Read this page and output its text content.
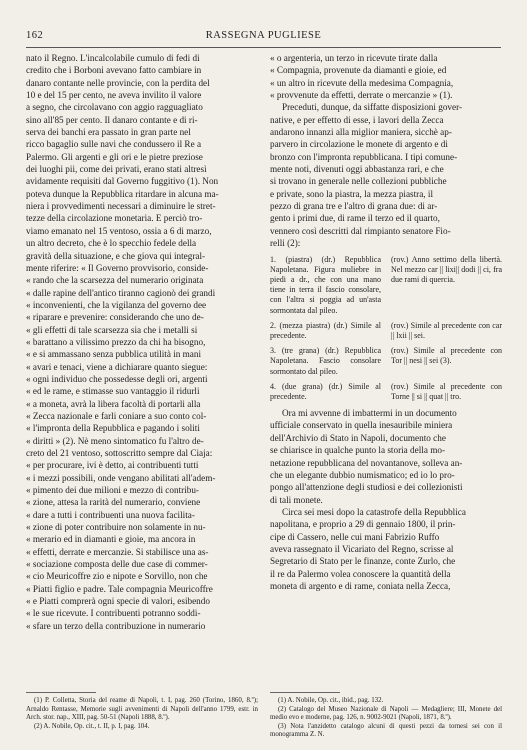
162	RASSEGNA PUGLIESE

nato il Regno. L'incalcolabile cumulo di fedi di

credito che i Borboni avevano fatto cambiare in

danaro contante nelle provincie, con la perdita del

10 e del 15 per cento, ne aveva invilito il valore

a segno, che circolavano con aggio ragguagliato

sino all'85 per cento. Il danaro contante e di ri-

serva dei banchi era passato in gran parte nel

ricco bagaglio sulle navi che condussero il Re a

Palermo. Gli argenti e gli ori e le pietre preziose

dei luoghi pii, come dei privati, erano stati altresì

avidamente requisiti dal Governo fuggitivo (1). Non

poteva dunque la Repubblica ritardare in alcuna ma-

niera i provvedimenti necessari a diminuire le stret-

tezze della circolazione monetaria. E perciò tro-

viamo emanato nel 15 ventoso, ossia a 6 di marzo,

un altro decreto, che è lo specchio fedele della

gravità della situazione, e che giova qui integral-

mente riferire: « Il Governo provvisorio, conside-

« rando che la scarsezza del numerario originata

« dalle rapine dell'antico tiranno cagionò dei grandi

« inconvenienti, che la vigilanza del governo dee

« riparare e prevenire: considerando che uno de-

« gli effetti di tale scarsezza sia che i metalli si

« barattano a vilissimo prezzo da chi ha bisogno,

« e si ammassano senza pubblica utilità in mani

« avari e tenaci, viene a dichiarare quanto siegue:

« ogni individuo che possedesse degli ori, argenti

« ed le rame, e stimasse suo vantaggio il ridurli

« a moneta, avrà la libera facoltà di portarli alla

« Zecca nazionale e farli coniare a suo conto col-

« l'impronta della Repubblica e pagando i soliti

« diritti » (2). Nè meno sintomatico fu l'altro de-

creto del 21 ventoso, sottoscritto sempre dal Ciaja:

« per procurare, ivi è detto, ai contribuenti tutti

« i mezzi possibili, onde vengano abilitati all'adem-

« pimento dei due milioni e mezzo di contribu-

« zione, attesa la rarità del numerario, conviene

« dare a tutti i contribuenti una nuova facilita-

« zione di poter contribuire non solamente in nu-

« merario ed in diamanti e gioie, ma ancora in

« effetti, derrate e mercanzie. Si stabilisce una as-

« sociazione composta delle due case di commer-

« cio Meuricoffre zio e nipote e Sorvillo, non che

« Piatti figlio e padre. Tale compagnia Meuricoffre

« e Piatti comprerà ogni specie di valori, esibendo

« le sue ricevute. I contribuenti potranno soddi-

« sfare un terzo della contribuzione in numerario

« o argenteria, un terzo in ricevute tirate dalla

« Compagnia, provenute da diamanti e gioie, ed

« un altro in ricevute della medesima Compagnia,

« provvenute da effetti, derrate o mercanzie » (1).

Preceduti, dunque, da siffatte disposizioni gover-

native, e per effetto di esse, i lavori della Zecca

andarono innanzi alla miglior maniera, sicchè ap-

parvero in circolazione le monete di argento e di

bronzo con l'impronta repubblicana. I tipi comune-

mente noti, divenuti oggi abbastanza rari, e che

si trovano in generale nelle collezioni pubbliche

e private, sono la piastra, la mezza piastra, il

pezzo di grana tre e l'altro di grana due: di ar-

gento i primi due, di rame il terzo ed il quarto,

vennero così descritti dal rimpianto senatore Fio-

relli (2):

1. (piastra) (dr.) Repubblica Napoletana. Figura muliebre in piedi a dr., che con una mano tiene in terra il fascio consolare, con l'altra si poggia ad un'asta sormontata dal pileo.
(rov.) Anno settimo della libertà. Nel mezzo car || lixi|| dodi || ci, fra due rami di quercia.
2. (mezza piastra) (dr.) Simile al precedente.
(rov.) Simile al precedente con car || lxii || sei.
3. (tre grana) (dr.) Repubblica Napoletana. Fascio consolare sormontato dal pileo.
(rov.) Simile al precedente con Tor || nesi || sei (3).
4. (due grana) (dr.) Simile al precedente.
(rov.) Simile al precedente con Torne || si || quat || tro.

Ora mi avvenne di imbattermi in un documento

ufficiale conservato in quella inesauribile miniera

dell'Archivio di Stato in Napoli, documento che

se chiarisce in qualche punto la storia della mo-

netazione repubblicana del novantanove, solleva an-

che un elegante dubbio numismatico; ed io lo pro-

pongo all'attenzione degli studiosi e dei collezionisti

di tali monete.

Circa sei mesi dopo la catastrofe della Repubblica

napolitana, e proprio a 29 di gennaio 1800, il prin-

cipe di Cassero, nelle cui mani Fabrizio Ruffo

aveva rassegnato il Vicariato del Regno, scrisse al

Segretario di Stato per le finanze, conte Zurlo, che

il re da Palermo volea conoscere la quantità della

moneta di argento e di rame, coniata nella Zecca,

(1) P. Colletta, Storia del reame di Napoli, t. I, pag. 260 (Torino, 1860, 8.º); Arnaldo Rentasse, Memorie sugli avvenimenti di Napoli dell'anno 1799, estr. in Arch. stor. nap., XIII, pag. 50-51 (Napoli 1888, 8.º).

(2) A. Nobile, Op. cit., t. II, p. I, pag. 104.

(1) A. Nobile, Op. cit., ibid., pag. 132.

(2) Catalogo del Museo Nazionale di Napoli — Medagliere; III, Monete del medio evo e moderne, pag. 126, n. 9002-9021 (Napoli, 1871, 8.º).

(3) Nota l'anzidetto catalogo alcuni di questi pezzi da tornesi sei con il monogramma Z. N.
